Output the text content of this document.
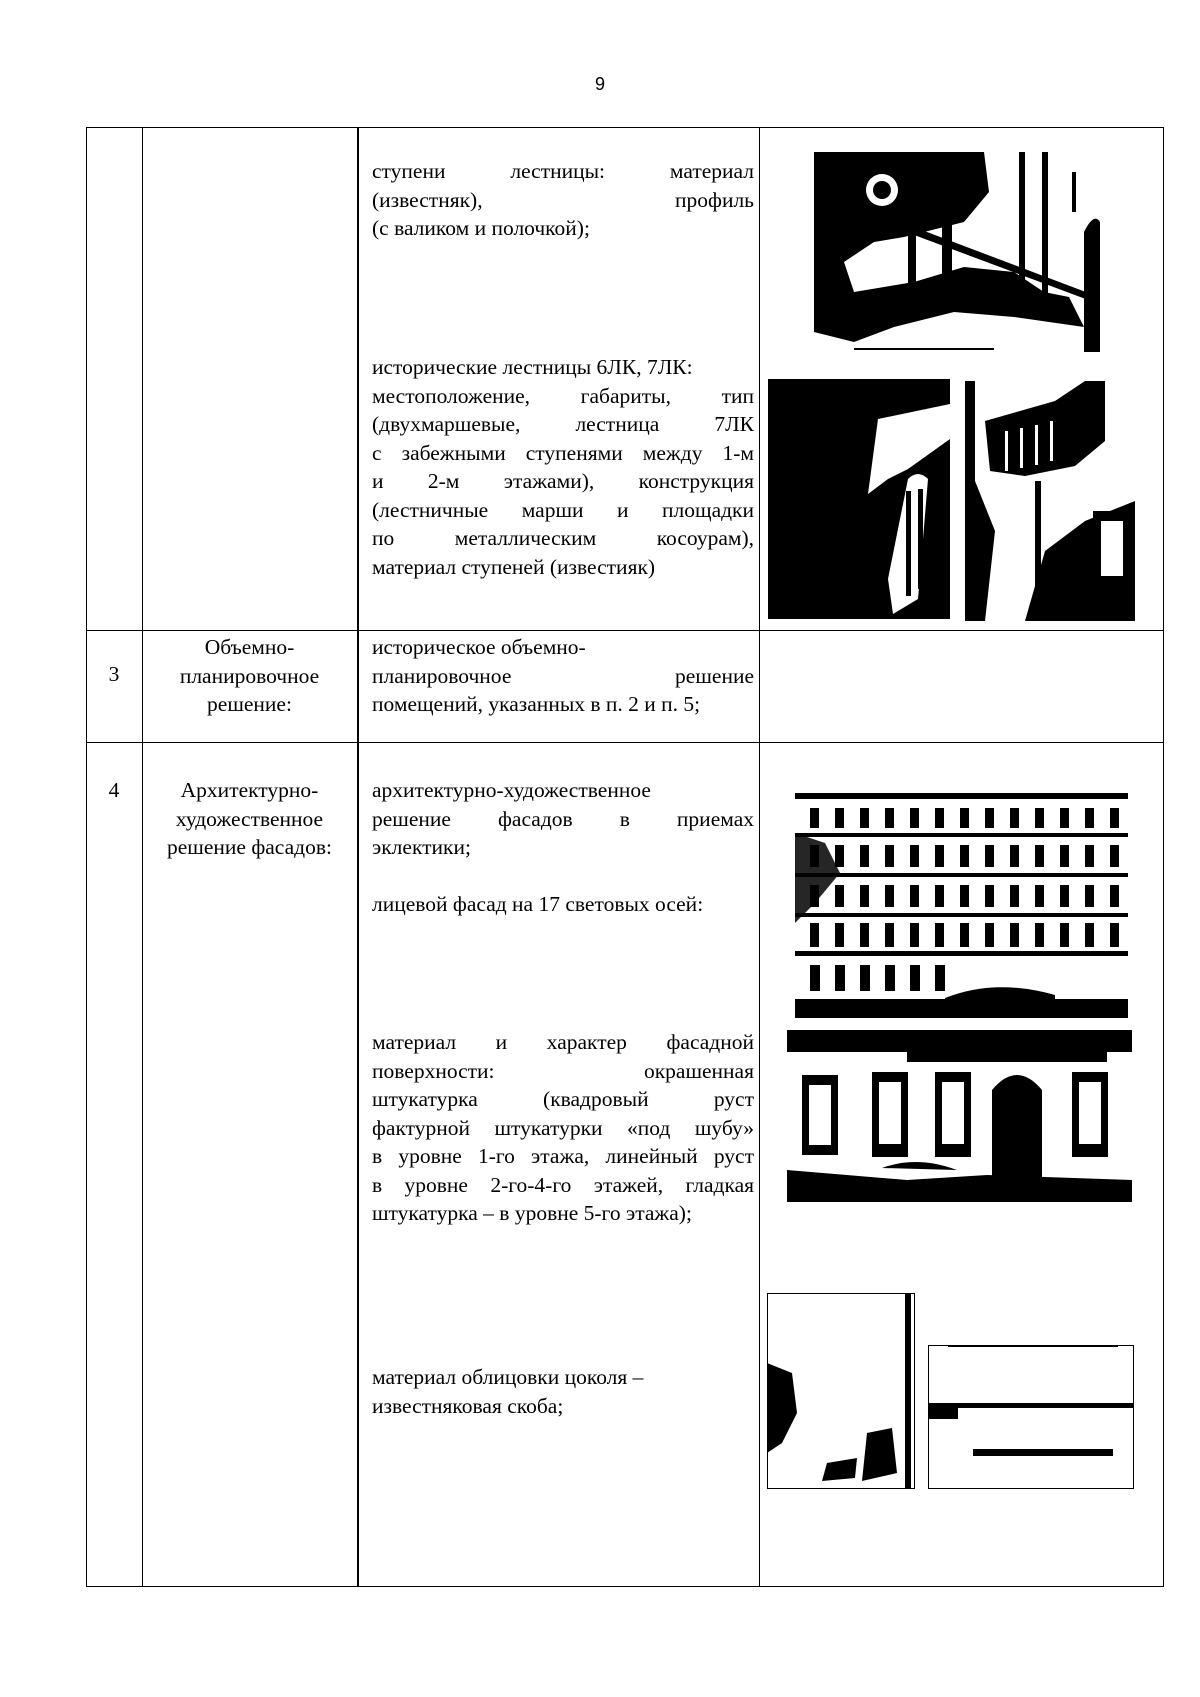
9
ступени лестницы: материал
(известняк), профиль
(с валиком и полочкой);
исторические лестницы 6ЛК, 7ЛК:
местоположение, габариты, тип
(двухмаршевые, лестница 7ЛК
с забежными ступенями между 1-м
и 2-м этажами), конструкция
(лестничные марши и площадки
по металлическим косоурам),
материал ступеней (известияк)
3
Объемно-
планировочное
решение:
историческое объемно-
планировочное решение
помещений, указанных в п. 2 и п. 5;
4	Архитектурно-
художественное
решение фасадов:
архитектурно-художественное
решение фасадов в приемах
эклектики;
лицевой фасад на 17 световых осей:
материал и характер фасадной
поверхности: окрашенная
штукатурка (квадровый руст
фактурной штукатурки «под шубу»
в уровне 1-го этажа, линейный руст
в уровне 2-го-4-го этажей, гладкая
штукатурка – в уровне 5-го этажа);
материал облицовки цоколя –
известняковая скоба;
